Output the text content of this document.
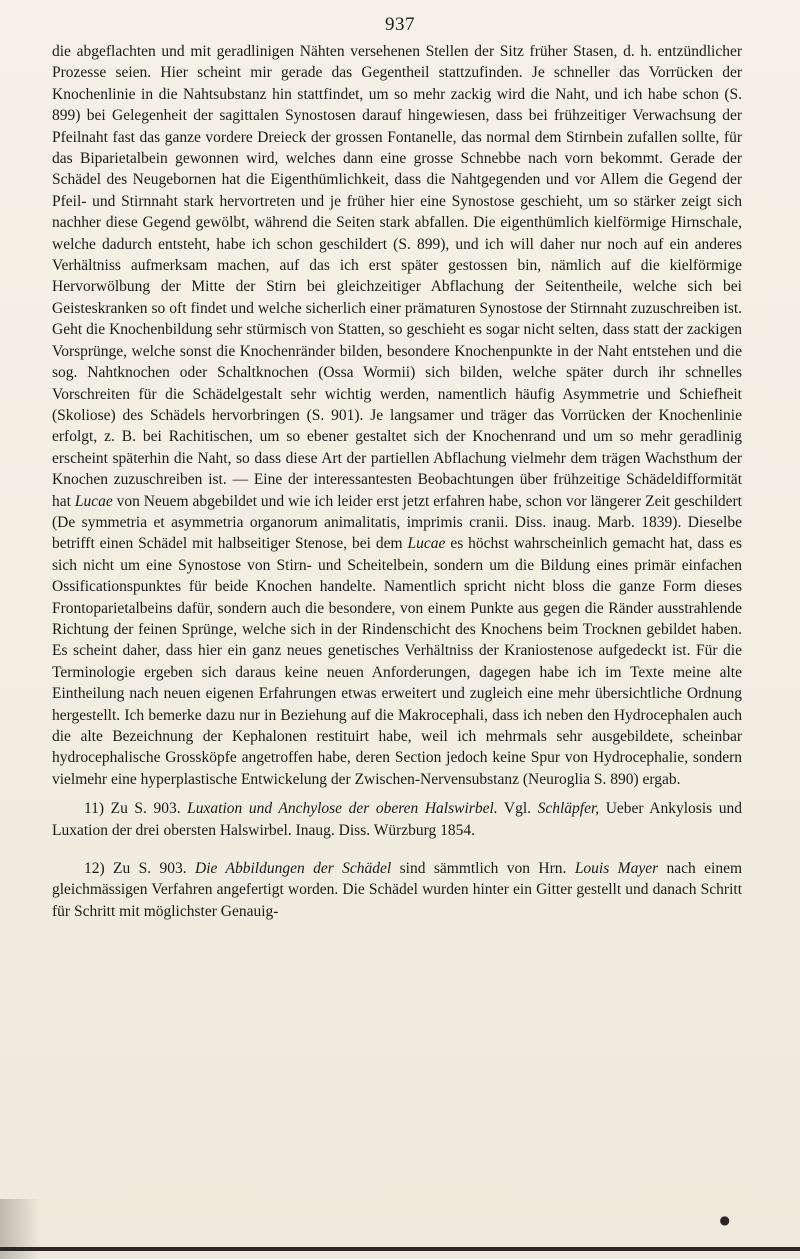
937

die abgeflachten und mit geradlinigen Nähten versehenen Stellen der Sitz früher Stasen, d. h. entzündlicher Prozesse seien. Hier scheint mir gerade das Gegentheil stattzufinden. Je schneller das Vorrücken der Knochenlinie in die Nahtsubstanz hin stattfindet, um so mehr zackig wird die Naht, und ich habe schon (S. 899) bei Gelegenheit der sagittalen Synostosen darauf hingewiesen, dass bei frühzeitiger Verwachsung der Pfeilnaht fast das ganze vordere Dreieck der grossen Fontanelle, das normal dem Stirnbein zufallen sollte, für das Biparietalbein gewonnen wird, welches dann eine grosse Schnebbe nach vorn bekommt. Gerade der Schädel des Neugebornen hat die Eigenthümlichkeit, dass die Nahtgegenden und vor Allem die Gegend der Pfeil- und Stirnnaht stark hervortreten und je früher hier eine Synostose geschieht, um so stärker zeigt sich nachher diese Gegend gewölbt, während die Seiten stark abfallen. Die eigenthümlich kielförmige Hirnschale, welche dadurch entsteht, habe ich schon geschildert (S. 899), und ich will daher nur noch auf ein anderes Verhältniss aufmerksam machen, auf das ich erst später gestossen bin, nämlich auf die kielförmige Hervorwölbung der Mitte der Stirn bei gleichzeitiger Abflachung der Seitentheile, welche sich bei Geisteskranken so oft findet und welche sicherlich einer prämaturen Synostose der Stirnnaht zuzuschreiben ist. Geht die Knochenbildung sehr stürmisch von Statten, so geschieht es sogar nicht selten, dass statt der zackigen Vorsprünge, welche sonst die Knochenränder bilden, besondere Knochenpunkte in der Naht entstehen und die sog. Nahtknochen oder Schaltknochen (Ossa Wormii) sich bilden, welche später durch ihr schnelles Vorschreiten für die Schädelgestalt sehr wichtig werden, namentlich häufig Asymmetrie und Schiefheit (Skoliose) des Schädels hervorbringen (S. 901). Je langsamer und träger das Vorrücken der Knochenlinie erfolgt, z. B. bei Rachitischen, um so ebener gestaltet sich der Knochenrand und um so mehr geradlinig erscheint späterhin die Naht, so dass diese Art der partiellen Abflachung vielmehr dem trägen Wachsthum der Knochen zuzuschreiben ist. — Eine der interessantesten Beobachtungen über frühzeitige Schädeldifformität hat Lucae von Neuem abgebildet und wie ich leider erst jetzt erfahren habe, schon vor längerer Zeit geschildert (De symmetria et asymmetria organorum animalitatis, imprimis cranii. Diss. inaug. Marb. 1839). Dieselbe betrifft einen Schädel mit halbseitiger Stenose, bei dem Lucae es höchst wahrscheinlich gemacht hat, dass es sich nicht um eine Synostose von Stirn- und Scheitelbein, sondern um die Bildung eines primär einfachen Ossificationspunktes für beide Knochen handelte. Namentlich spricht nicht bloss die ganze Form dieses Frontoparietalbeins dafür, sondern auch die besondere, von einem Punkte aus gegen die Ränder ausstrahlende Richtung der feinen Sprünge, welche sich in der Rindenschicht des Knochens beim Trocknen gebildet haben. Es scheint daher, dass hier ein ganz neues genetisches Verhältniss der Kraniostenose aufgedeckt ist. Für die Terminologie ergeben sich daraus keine neuen Anforderungen, dagegen habe ich im Texte meine alte Eintheilung nach neuen eigenen Erfahrungen etwas erweitert und zugleich eine mehr übersichtliche Ordnung hergestellt. Ich bemerke dazu nur in Beziehung auf die Makrocephali, dass ich neben den Hydrocephalen auch die alte Bezeichnung der Kephalonen restituirt habe, weil ich mehrmals sehr ausgebildete, scheinbar hydrocephalische Grossköpfe angetroffen habe, deren Section jedoch keine Spur von Hydrocephalie, sondern vielmehr eine hyperplastische Entwickelung der Zwischen-Nervensubstanz (Neuroglia S. 890) ergab.

11) Zu S. 903. Luxation und Anchylose der oberen Halswirbel. Vgl. Schläpfer, Ueber Ankylosis und Luxation der drei obersten Halswirbel. Inaug. Diss. Würzburg 1854.

12) Zu S. 903. Die Abbildungen der Schädel sind sämmtlich von Hrn. Louis Mayer nach einem gleichmässigen Verfahren angefertigt worden. Die Schädel wurden hinter ein Gitter gestellt und danach Schritt für Schritt mit möglichster Genauig-

●
